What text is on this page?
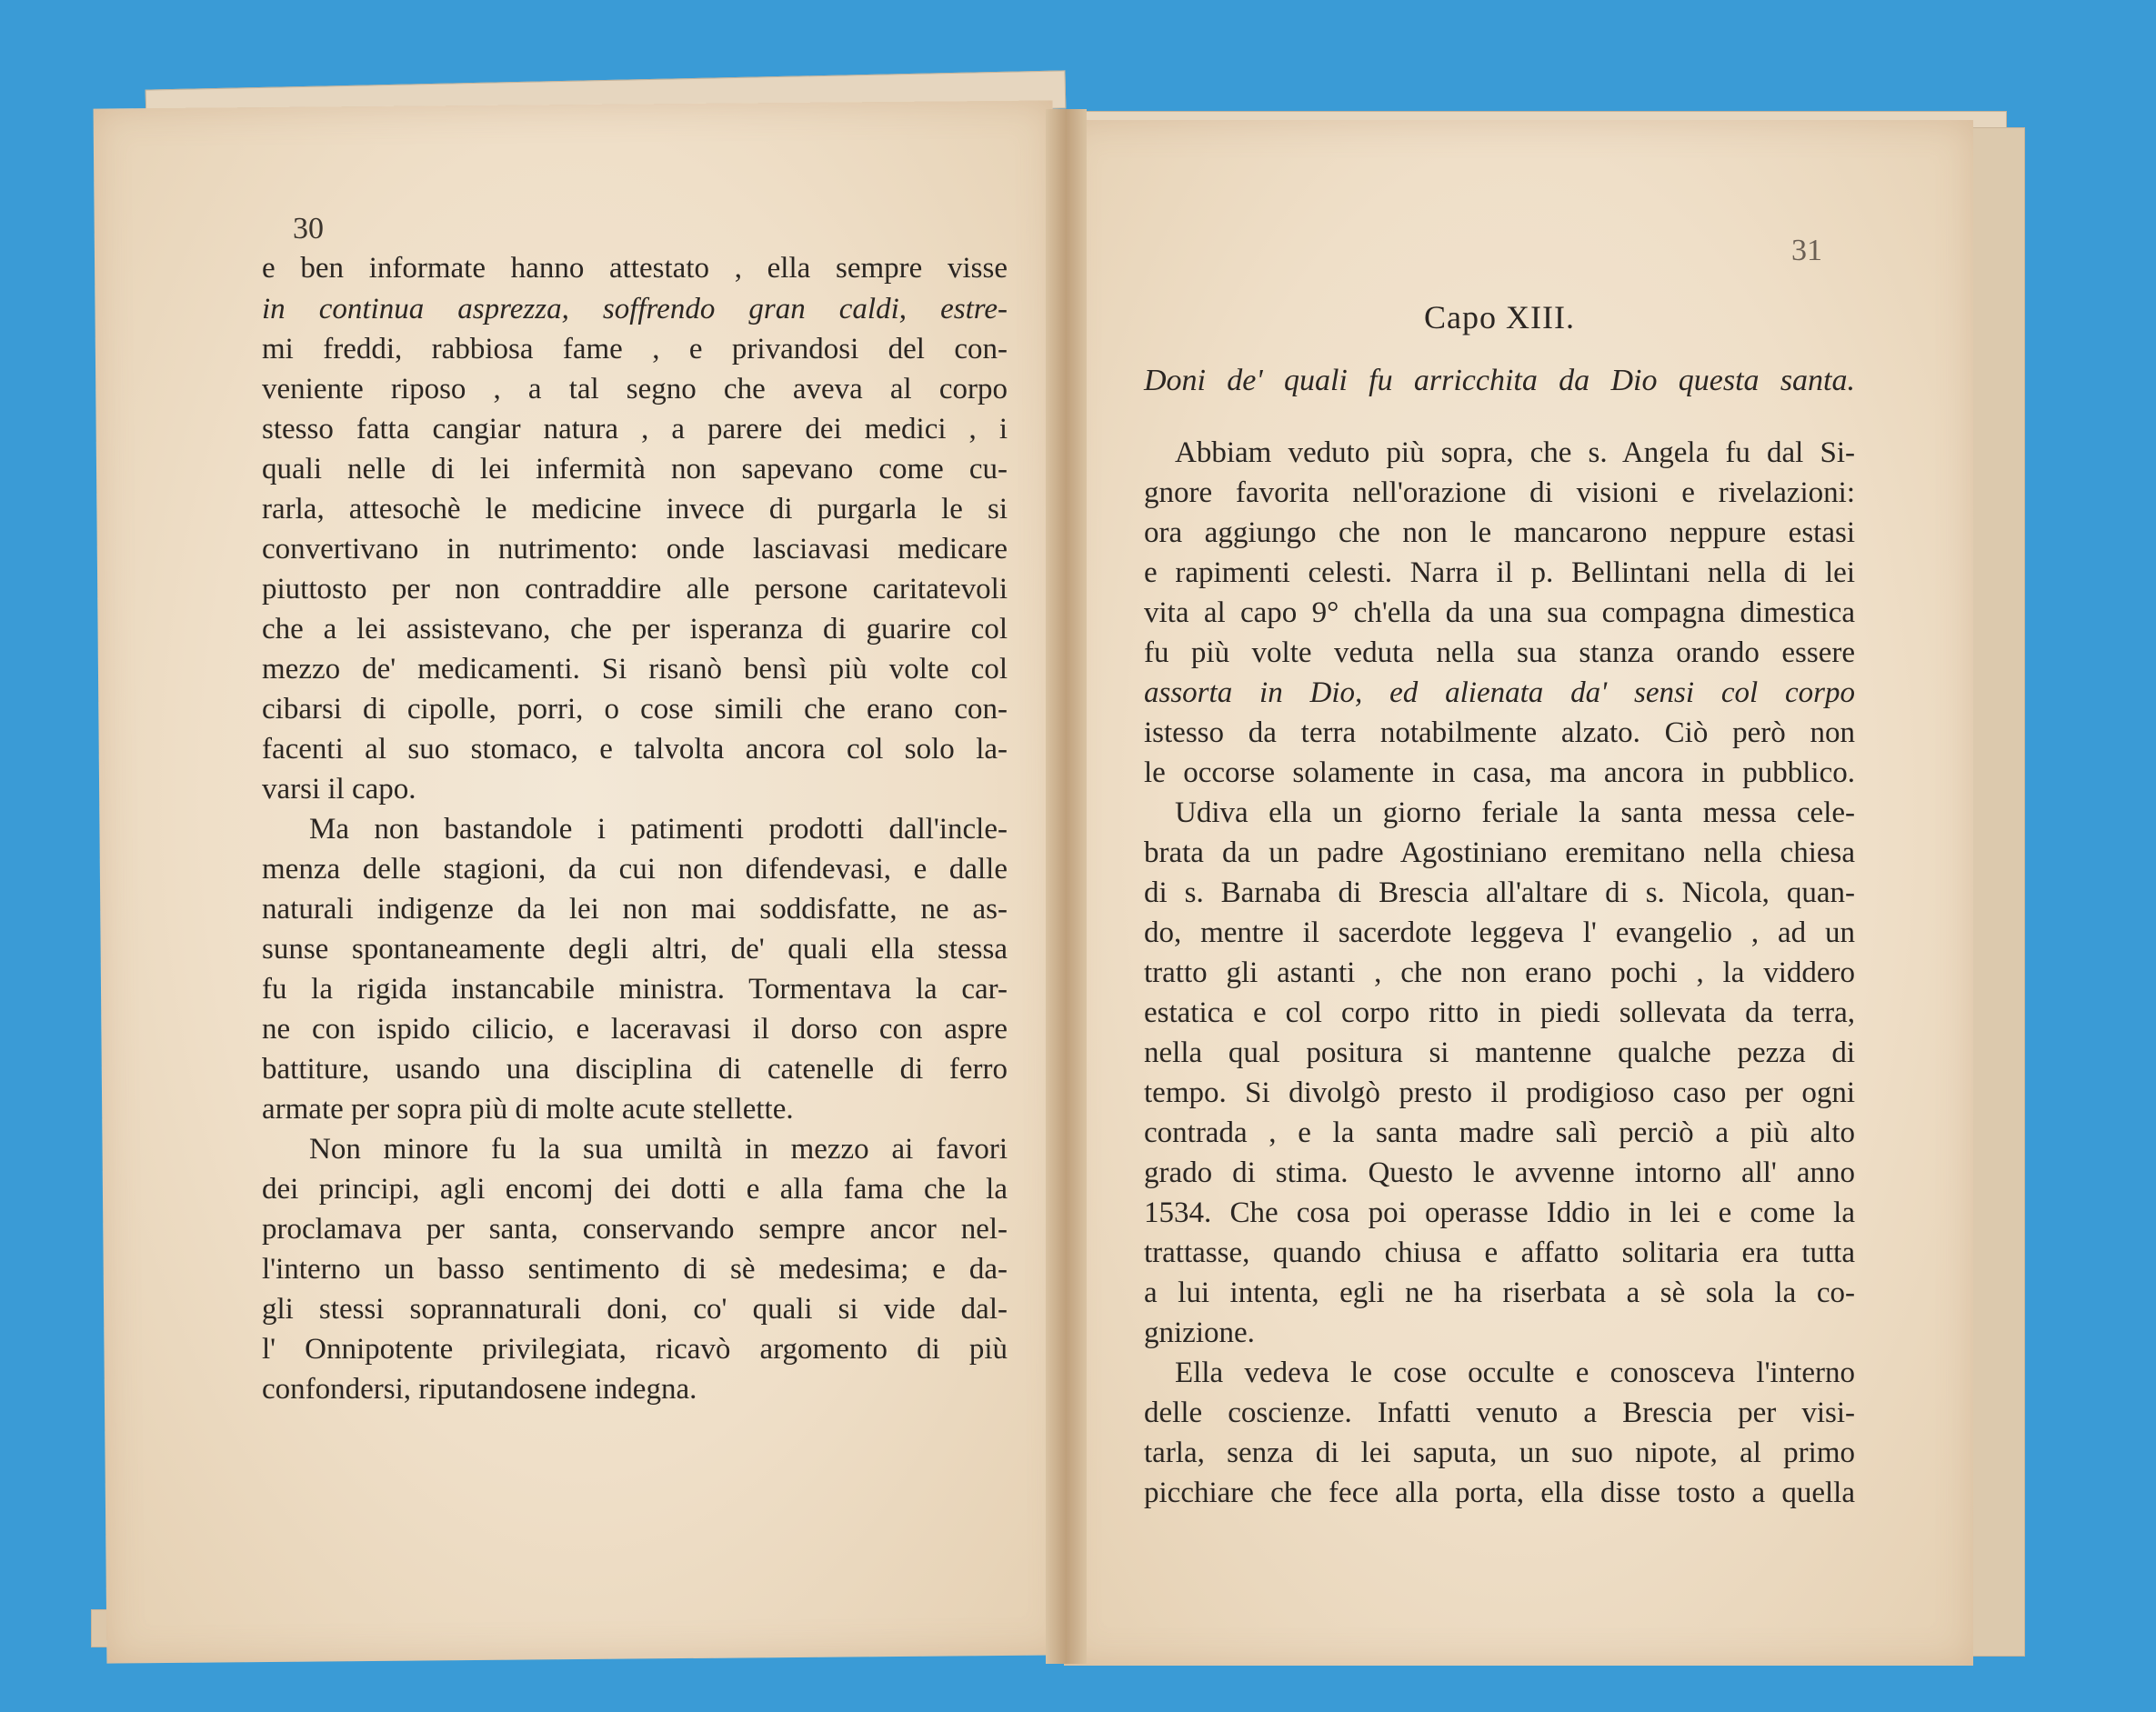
30
e ben informate hanno attestato , ella sempre visse
in continua asprezza, soffrendo gran caldi, estre-
mi freddi, rabbiosa fame , e privandosi del con-
veniente riposo , a tal segno che aveva al corpo
stesso fatta cangiar natura , a parere dei medici , i
quali nelle di lei infermità non sapevano come cu-
rarla, attesochè le medicine invece di purgarla le si
convertivano in nutrimento: onde lasciavasi medicare
piuttosto per non contraddire alle persone caritatevoli
che a lei assistevano, che per isperanza di guarire col
mezzo de' medicamenti. Si risanò bensì più volte col
cibarsi di cipolle, porri, o cose simili che erano con-
facenti al suo stomaco, e talvolta ancora col solo la-
varsi il capo.
Ma non bastandole i patimenti prodotti dall'incle-
menza delle stagioni, da cui non difendevasi, e dalle
naturali indigenze da lei non mai soddisfatte, ne as-
sunse spontaneamente degli altri, de' quali ella stessa
fu la rigida instancabile ministra. Tormentava la car-
ne con ispido cilicio, e laceravasi il dorso con aspre
battiture, usando una disciplina di catenelle di ferro
armate per sopra più di molte acute stellette.
Non minore fu la sua umiltà in mezzo ai favori
dei principi, agli encomj dei dotti e alla fama che la
proclamava per santa, conservando sempre ancor nel-
l'interno un basso sentimento di sè medesima; e da-
gli stessi soprannaturali doni, co' quali si vide dal-
l' Onnipotente privilegiata, ricavò argomento di più
confondersi, riputandosene indegna.
31
Capo XIII.
Doni de' quali fu arricchita da Dio questa santa.
Abbiam veduto più sopra, che s. Angela fu dal Si-
gnore favorita nell'orazione di visioni e rivelazioni:
ora aggiungo che non le mancarono neppure estasi
e rapimenti celesti. Narra il p. Bellintani nella di lei
vita al capo 9° ch'ella da una sua compagna dimestica
fu più volte veduta nella sua stanza orando essere
assorta in Dio, ed alienata da' sensi col corpo
istesso da terra notabilmente alzato. Ciò però non
le occorse solamente in casa, ma ancora in pubblico.
Udiva ella un giorno feriale la santa messa cele-
brata da un padre Agostiniano eremitano nella chiesa
di s. Barnaba di Brescia all'altare di s. Nicola, quan-
do, mentre il sacerdote leggeva l' evangelio , ad un
tratto gli astanti , che non erano pochi , la viddero
estatica e col corpo ritto in piedi sollevata da terra,
nella qual positura si mantenne qualche pezza di
tempo. Si divolgò presto il prodigioso caso per ogni
contrada , e la santa madre salì perciò a più alto
grado di stima. Questo le avvenne intorno all' anno
1534. Che cosa poi operasse Iddio in lei e come la
trattasse, quando chiusa e affatto solitaria era tutta
a lui intenta, egli ne ha riserbata a sè sola la co-
gnizione.
Ella vedeva le cose occulte e conosceva l'interno
delle coscienze. Infatti venuto a Brescia per visi-
tarla, senza di lei saputa, un suo nipote, al primo
picchiare che fece alla porta, ella disse tosto a quella
